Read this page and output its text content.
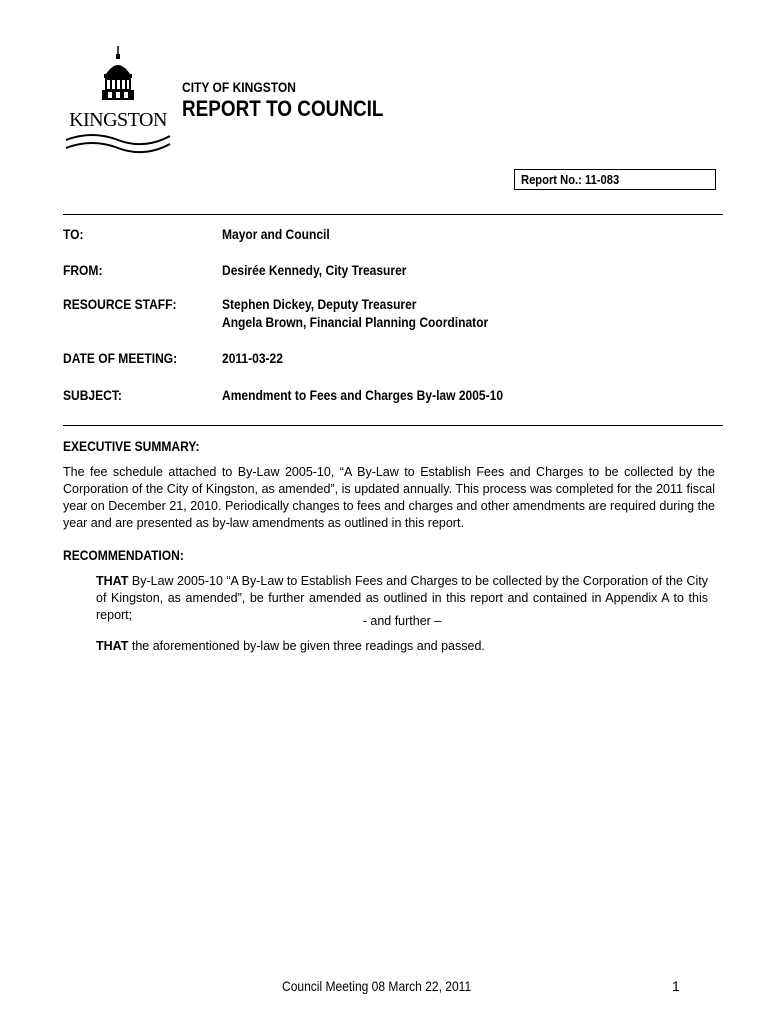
KINGSTON
CITY OF KINGSTON
REPORT TO COUNCIL
Report No.: 11-083
TO:	Mayor and Council
FROM:	Desirée Kennedy, City Treasurer
RESOURCE STAFF:	Stephen Dickey, Deputy Treasurer
Angela Brown, Financial Planning Coordinator
DATE OF MEETING:	2011-03-22
SUBJECT:	Amendment to Fees and Charges By-law 2005-10
EXECUTIVE SUMMARY:
The fee schedule attached to By-Law 2005-10, “A By-Law to Establish Fees and Charges to be collected by the Corporation of the City of Kingston, as amended”, is updated annually. This process was completed for the 2011 fiscal year on December 21, 2010. Periodically changes to fees and charges and other amendments are required during the year and are presented as by-law amendments as outlined in this report.
RECOMMENDATION:
THAT By-Law 2005-10 “A By-Law to Establish Fees and Charges to be collected by the Corporation of the City of Kingston, as amended”, be further amended as outlined in this report and contained in Appendix A to this report;	- and further –
THAT the aforementioned by-law be given three readings and passed.
Council Meeting 08 March 22, 2011	1
